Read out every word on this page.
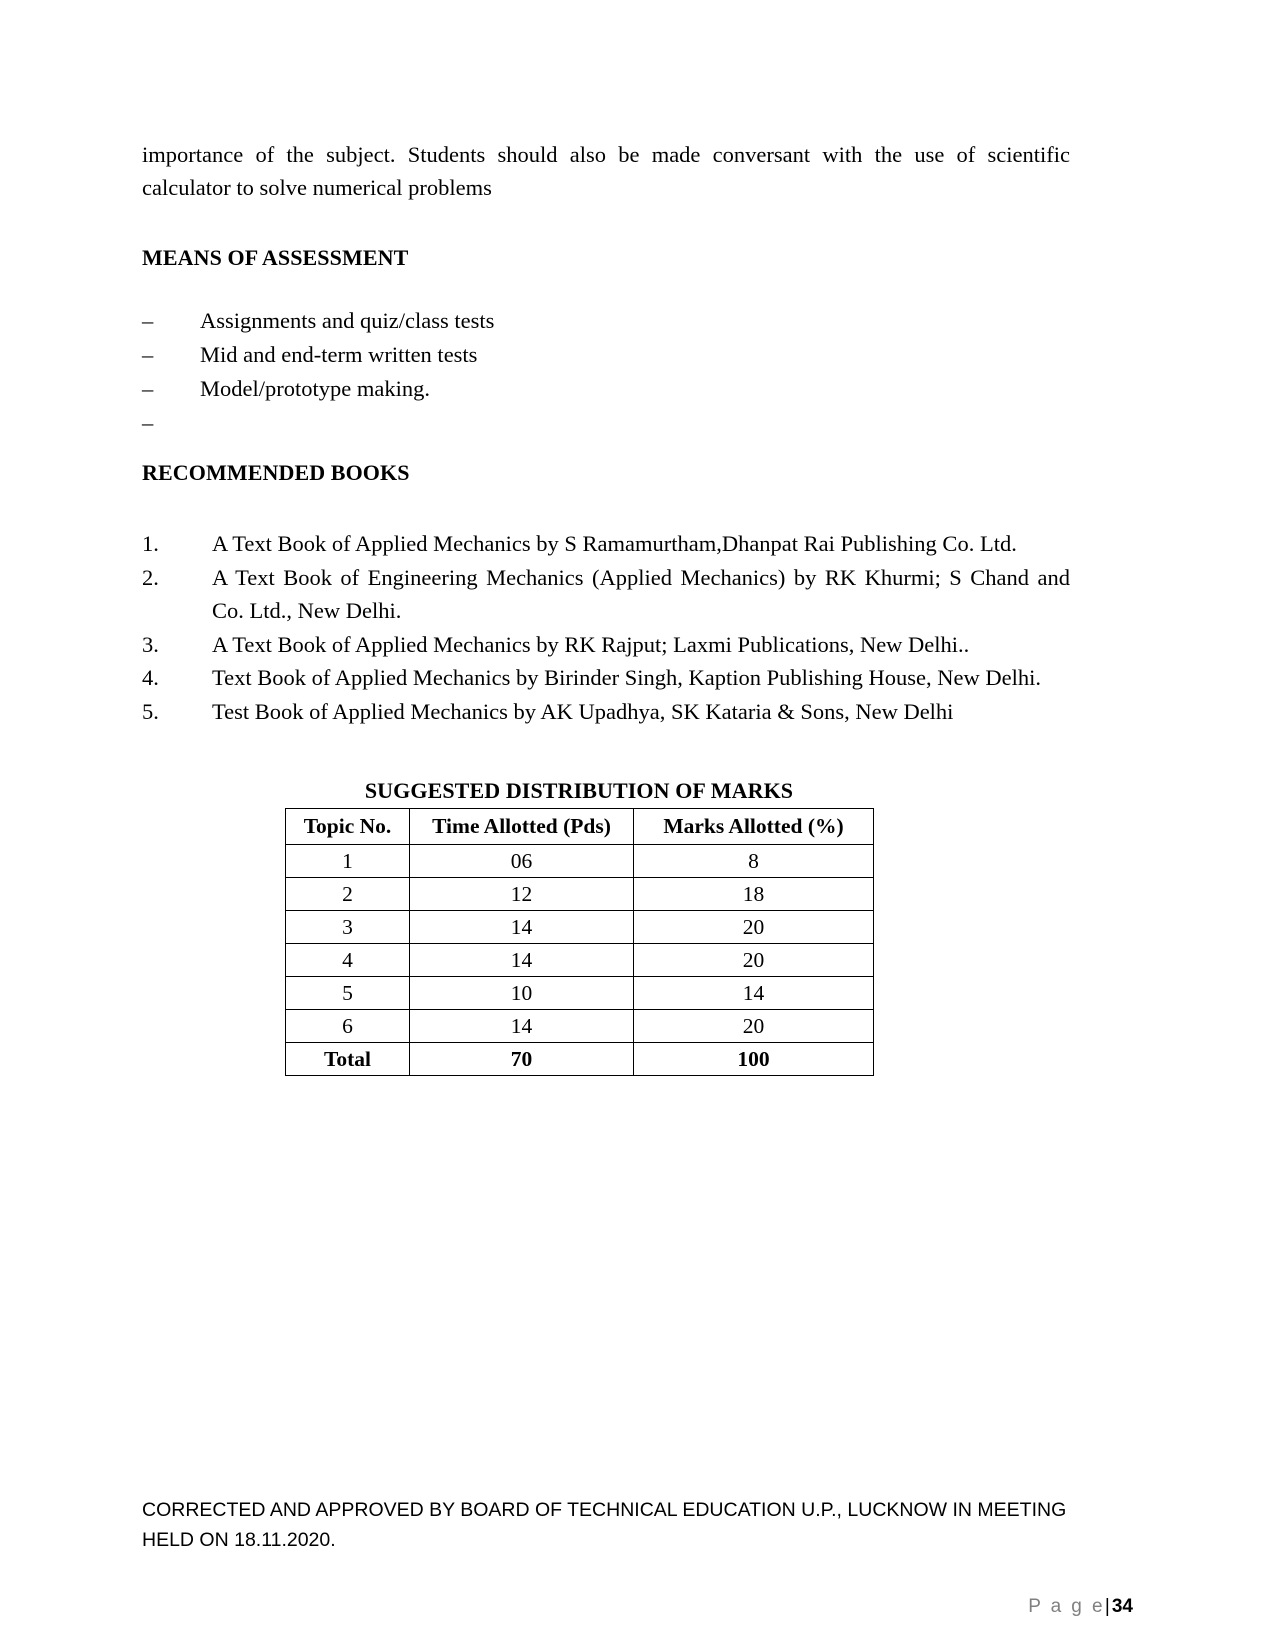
importance of the subject. Students should also be made conversant with the use of scientific calculator to solve numerical problems

MEANS OF ASSESSMENT
–	Assignments and quiz/class tests
–	Mid and end-term written tests
–	Model/prototype making.
–
RECOMMENDED BOOKS
1.	A Text Book of Applied Mechanics by S Ramamurtham,Dhanpat Rai Publishing Co. Ltd.
2.	A Text Book of Engineering Mechanics (Applied Mechanics) by RK Khurmi; S Chand and Co. Ltd., New Delhi.
3.	A Text Book of Applied Mechanics by RK Rajput; Laxmi Publications, New Delhi..
4.	Text Book of Applied Mechanics by Birinder Singh, Kaption Publishing House, New Delhi.
5.	Test Book of Applied Mechanics by AK Upadhya, SK Kataria & Sons, New Delhi
SUGGESTED DISTRIBUTION OF MARKS
Topic No.	Time Allotted (Pds)	Marks Allotted (%)
1	06	8
2	12	18
3	14	20
4	14	20
5	10	14
6	14	20
Total	70	100
CORRECTED AND APPROVED BY BOARD OF TECHNICAL EDUCATION U.P., LUCKNOW IN MEETING
HELD ON 18.11.2020.
P a g e| 34
